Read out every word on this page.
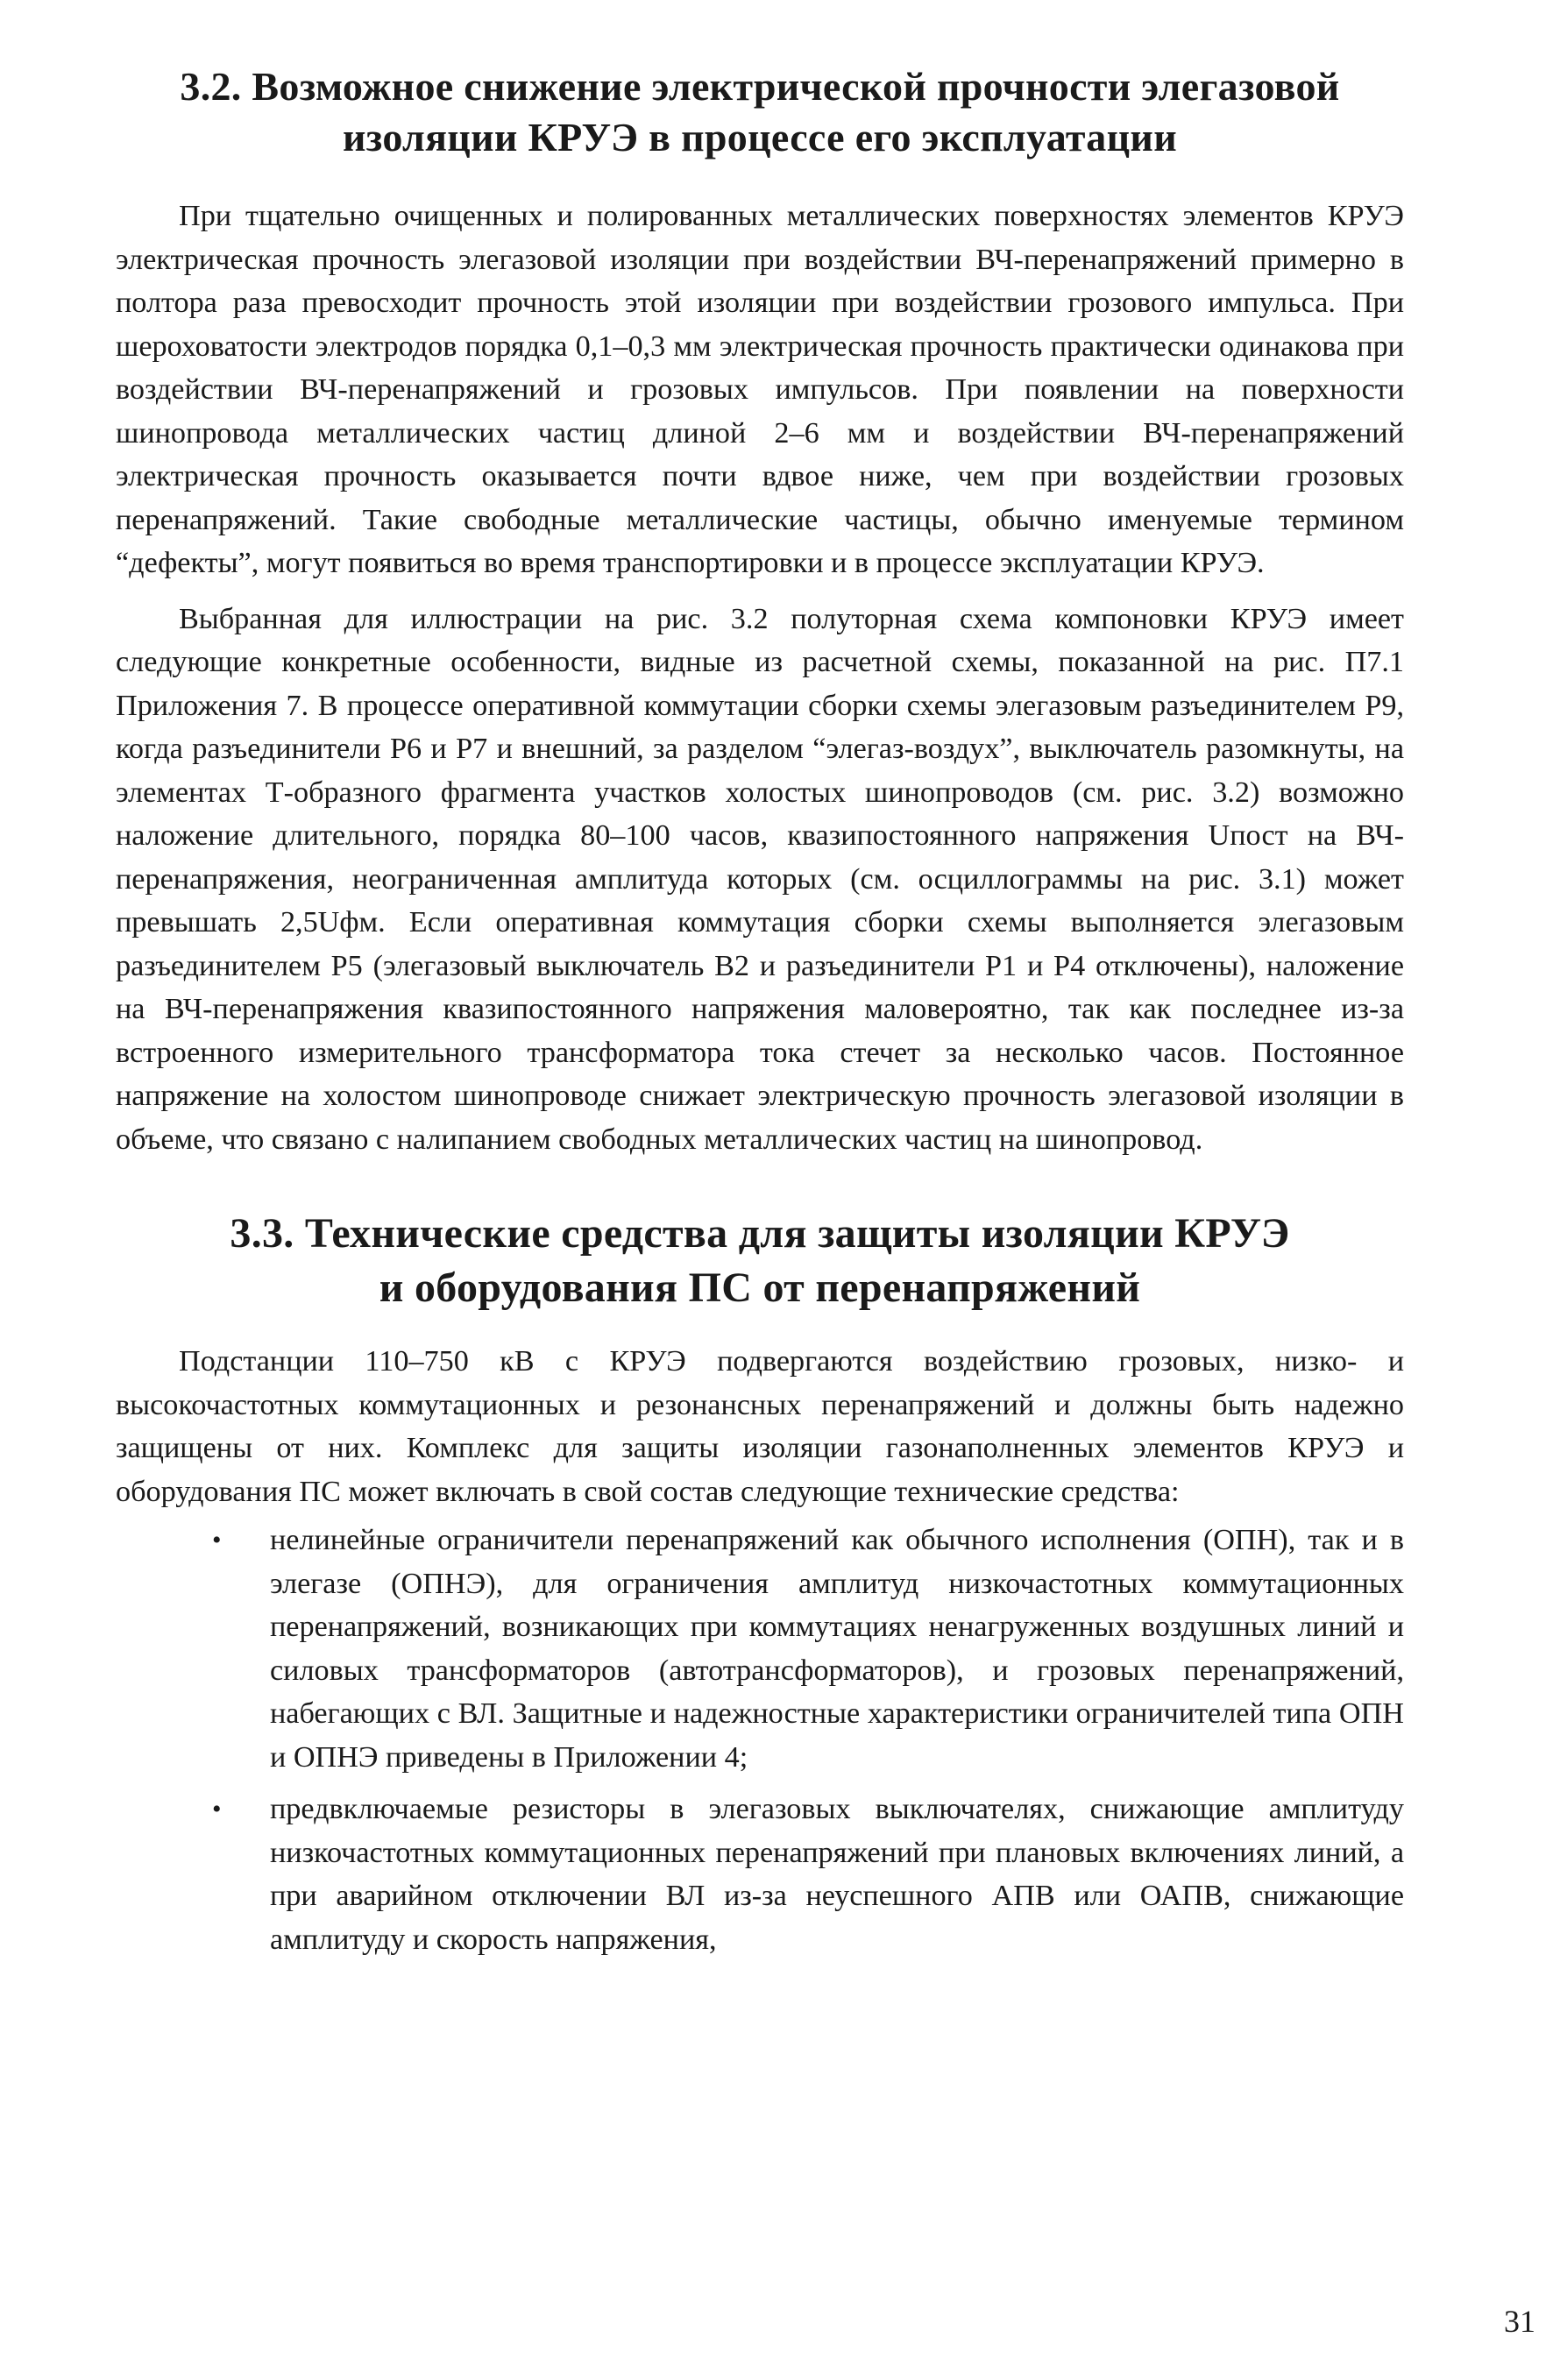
3.2. Возможное снижение электрической прочности элегазовой
изоляции КРУЭ в процессе его эксплуатации

При тщательно очищенных и полированных металлических поверхностях элементов КРУЭ электрическая прочность элегазовой изоляции при воздействии ВЧ-перенапряжений примерно в полтора раза превосходит прочность этой изоляции при воздействии грозового импульса. При шероховатости электродов порядка 0,1–0,3 мм электрическая прочность практически одинакова при воздействии ВЧ-перенапряжений и грозовых импульсов. При появлении на поверхности шинопровода металлических частиц длиной 2–6 мм и воздействии ВЧ-перенапряжений электрическая прочность оказывается почти вдвое ниже, чем при воздействии грозовых перенапряжений. Такие свободные металлические частицы, обычно именуемые термином “дефекты”, могут появиться во время транспортировки и в процессе эксплуатации КРУЭ.

Выбранная для иллюстрации на рис. 3.2 полуторная схема компоновки КРУЭ имеет следующие конкретные особенности, видные из расчетной схемы, показанной на рис. П7.1 Приложения 7. В процессе оперативной коммутации сборки схемы элегазовым разъединителем Р9, когда разъединители Р6 и Р7 и внешний, за разделом “элегаз-воздух”, выключатель разомкнуты, на элементах Т-образного фрагмента участков холостых шинопроводов (см. рис. 3.2) возможно наложение длительного, порядка 80–100 часов, квазипостоянного напряжения Uпост на ВЧ-перенапряжения, неограниченная амплитуда которых (см. осциллограммы на рис. 3.1) может превышать 2,5Uфм. Если оперативная коммутация сборки схемы выполняется элегазовым разъединителем Р5 (элегазовый выключатель В2 и разъединители Р1 и Р4 отключены), наложение на ВЧ-перенапряжения квазипостоянного напряжения маловероятно, так как последнее из-за встроенного измерительного трансформатора тока стечет за несколько часов. Постоянное напряжение на холостом шинопроводе снижает электрическую прочность элегазовой изоляции в объеме, что связано с налипанием свободных металлических частиц на шинопровод.

3.3. Технические средства для защиты изоляции КРУЭ
и оборудования ПС от перенапряжений

Подстанции 110–750 кВ с КРУЭ подвергаются воздействию грозовых, низко- и высокочастотных коммутационных и резонансных перенапряжений и должны быть надежно защищены от них. Комплекс для защиты изоляции газонаполненных элементов КРУЭ и оборудования ПС может включать в свой состав следующие технические средства:

• нелинейные ограничители перенапряжений как обычного исполнения (ОПН), так и в элегазе (ОПНЭ), для ограничения амплитуд низкочастотных коммутационных перенапряжений, возникающих при коммутациях ненагруженных воздушных линий и силовых трансформаторов (автотрансформаторов), и грозовых перенапряжений, набегающих с ВЛ. Защитные и надежностные характеристики ограничителей типа ОПН и ОПНЭ приведены в Приложении 4;
• предвключаемые резисторы в элегазовых выключателях, снижающие амплитуду низкочастотных коммутационных перенапряжений при плановых включениях линий, а при аварийном отключении ВЛ из-за неуспешного АПВ или ОАПВ, снижающие амплитуду и скорость напряжения,
31
